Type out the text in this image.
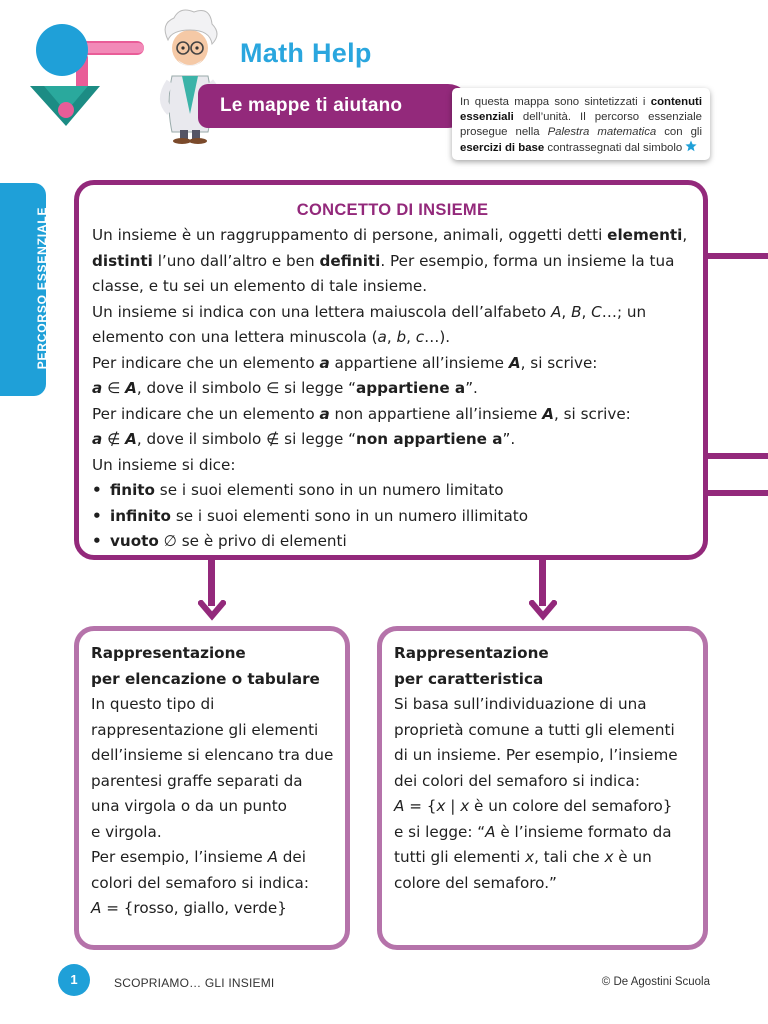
Math Help
Le mappe ti aiutano	In questa mappa sono sintetizzati i contenuti essenziali dell’unità. Il percorso essenziale prosegue nella Palestra matematica con gli esercizi di base contrassegnati dal simbolo
PERCORSO ESSENZIALE	CONCETTO DI INSIEME
Un insieme è un raggruppamento di persone, animali, oggetti detti elementi,
distinti l’uno dall’altro e ben definiti. Per esempio, forma un insieme la tua
classe, e tu sei un elemento di tale insieme.
Un insieme si indica con una lettera maiuscola dell’alfabeto A, B, C…; un
elemento con una lettera minuscola (a, b, c…).
Per indicare che un elemento a appartiene all’insieme A, si scrive:
a ∈ A, dove il simbolo ∈ si legge “appartiene a”.
Per indicare che un elemento a non appartiene all’insieme A, si scrive:
a ∉ A, dove il simbolo ∉ si legge “non appartiene a”.
Un insieme si dice:
• finito se i suoi elementi sono in un numero limitato
• infinito se i suoi elementi sono in un numero illimitato
• vuoto ∅ se è privo di elementi
Rappresentazione
per elencazione o tabulare
In questo tipo di
rappresentazione gli elementi
dell’insieme si elencano tra due
parentesi graffe separati da
una virgola o da un punto
e virgola.
Per esempio, l’insieme A dei
colori del semaforo si indica:
A = {rosso, giallo, verde}
Rappresentazione
per caratteristica
Si basa sull’individuazione di una
proprietà comune a tutti gli elementi
di un insieme. Per esempio, l’insieme
dei colori del semaforo si indica:
A = {x | x è un colore del semaforo}
e si legge: “A è l’insieme formato da
tutti gli elementi x, tali che x è un
colore del semaforo.”
1	SCOPRIAMO… GLI INSIEMI	© De Agostini Scuola
